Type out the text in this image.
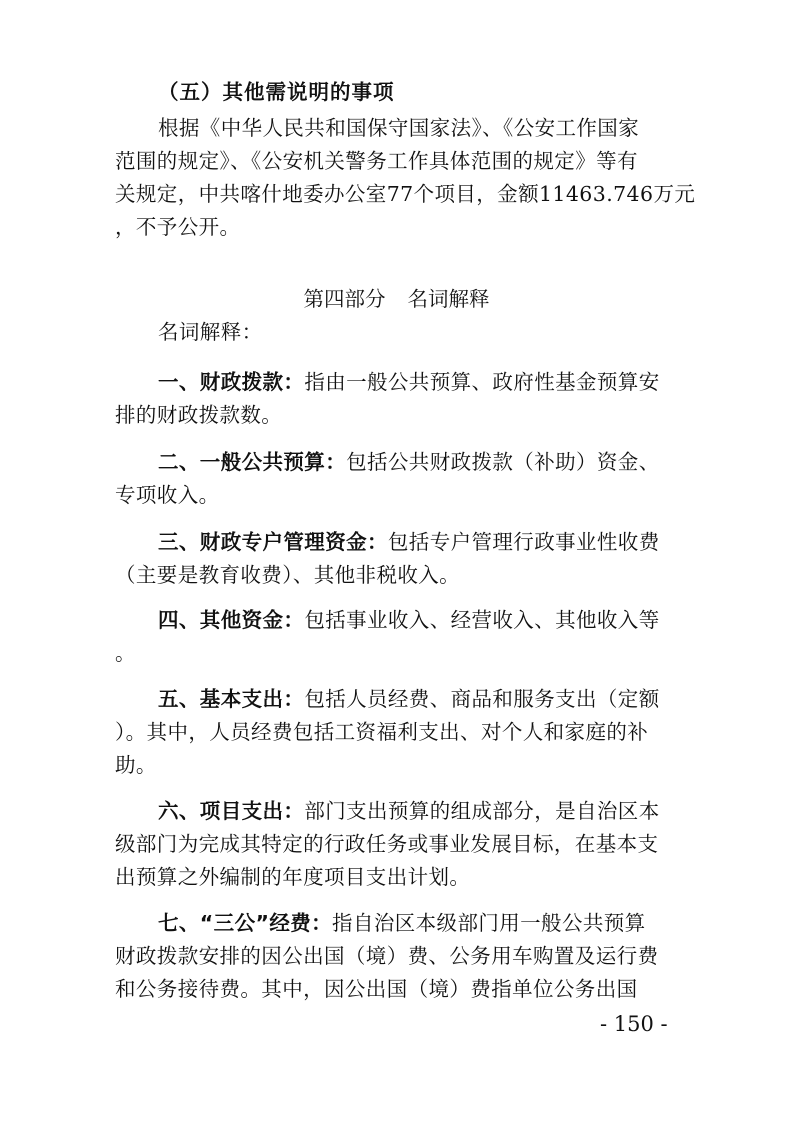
（五）其他需说明的事项
根据《中华人民共和国保守国家法》、《公安工作国家
范围的规定》、《公安机关警务工作具体范围的规定》等有
关规定，中共喀什地委办公室77个项目，金额11463.746万元
，不予公开。
第四部分 名词解释
名词解释：
一、财政拨款：指由一般公共预算、政府性基金预算安
排的财政拨款数。
二、一般公共预算：包括公共财政拨款（补助）资金、
专项收入。
三、财政专户管理资金：包括专户管理行政事业性收费
（主要是教育收费）、其他非税收入。
四、其他资金：包括事业收入、经营收入、其他收入等
。
五、基本支出：包括人员经费、商品和服务支出（定额
）。其中，人员经费包括工资福利支出、对个人和家庭的补
助。
六、项目支出：部门支出预算的组成部分，是自治区本
级部门为完成其特定的行政任务或事业发展目标，在基本支
出预算之外编制的年度项目支出计划。
七、“三公”经费：指自治区本级部门用一般公共预算
财政拨款安排的因公出国（境）费、公务用车购置及运行费
和公务接待费。其中，因公出国（境）费指单位公务出国
- 150 -
